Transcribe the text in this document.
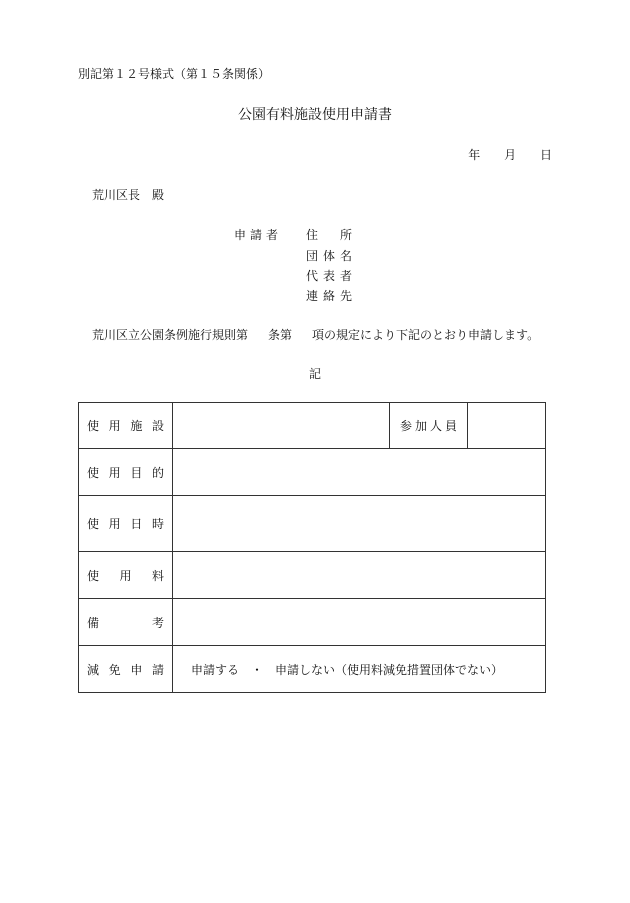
別記第１２号様式（第１５条関係）
公園有料施設使用申請書
年 月 日
荒川区長　殿
申請者 住所
団体名
代表者
連絡先
荒川区立公園条例施行規則第 条第 項の規定により下記のとおり申請します。
記
使 用 施 設		参 加 人 員	

使 用 目 的			

使 用 日 時			

使 用 料			

備 考			

減 免 申 請	申請する　・　申請しない（使用料減免措置団体でない）		
